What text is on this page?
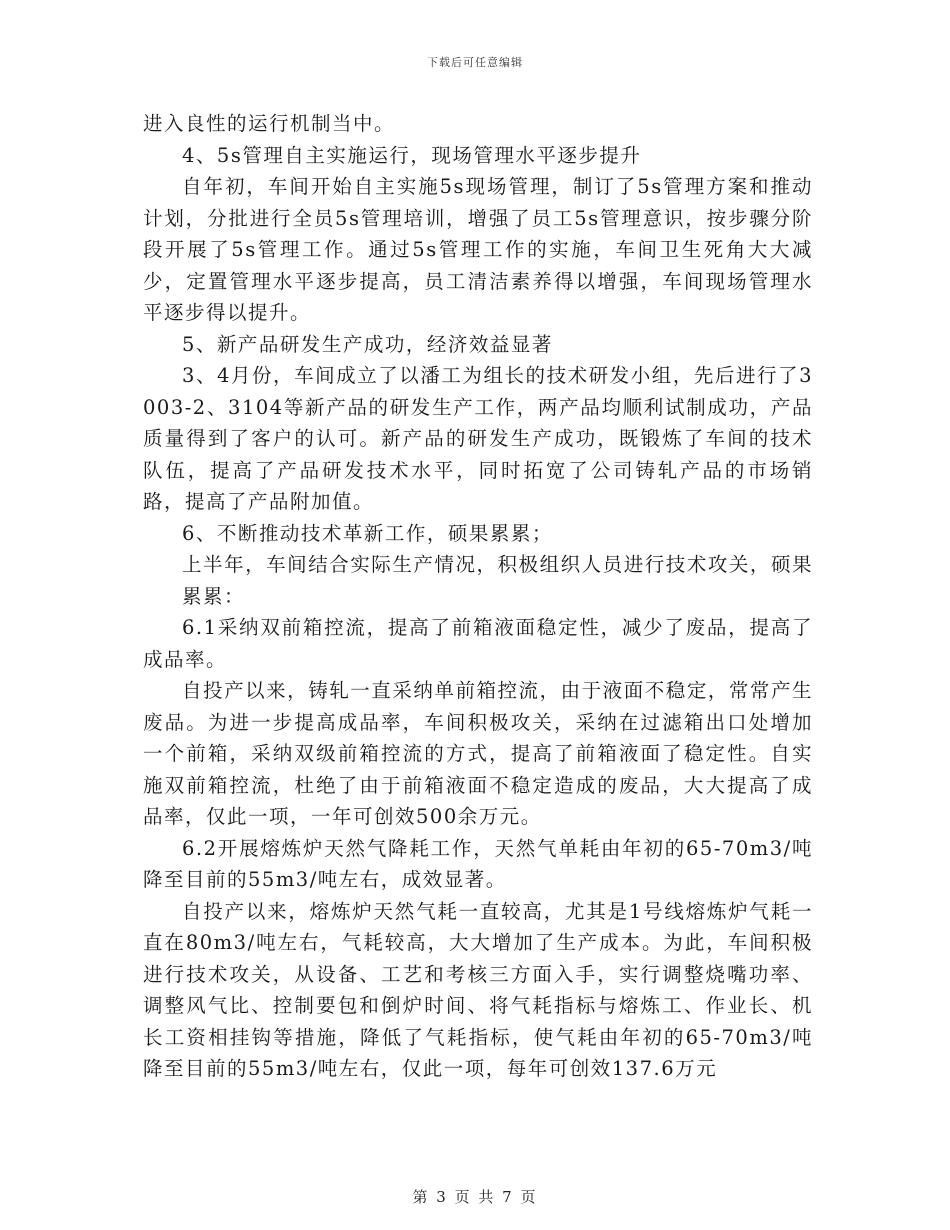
下载后可任意编辑

进入良性的运行机制当中。

4、5s管理自主实施运行，现场管理水平逐步提升

自年初，车间开始自主实施5s现场管理，制订了5s管理方案和推动计划，分批进行全员5s管理培训，增强了员工5s管理意识，按步骤分阶段开展了5s管理工作。通过5s管理工作的实施，车间卫生死角大大减少，定置管理水平逐步提高，员工清洁素养得以增强，车间现场管理水平逐步得以提升。

5、新产品研发生产成功，经济效益显著

3、4月份，车间成立了以潘工为组长的技术研发小组，先后进行了3003-2、3104等新产品的研发生产工作，两产品均顺利试制成功，产品质量得到了客户的认可。新产品的研发生产成功，既锻炼了车间的技术队伍，提高了产品研发技术水平，同时拓宽了公司铸轧产品的市场销路，提高了产品附加值。

6、不断推动技术革新工作，硕果累累；

上半年，车间结合实际生产情况，积极组织人员进行技术攻关，硕果累累：

6.1采纳双前箱控流，提高了前箱液面稳定性，减少了废品，提高了成品率。

自投产以来，铸轧一直采纳单前箱控流，由于液面不稳定，常常产生废品。为进一步提高成品率，车间积极攻关，采纳在过滤箱出口处增加一个前箱，采纳双级前箱控流的方式，提高了前箱液面了稳定性。自实施双前箱控流，杜绝了由于前箱液面不稳定造成的废品，大大提高了成品率，仅此一项，一年可创效500余万元。

6.2开展熔炼炉天然气降耗工作，天然气单耗由年初的65-70m3/吨降至目前的55m3/吨左右，成效显著。

自投产以来，熔炼炉天然气耗一直较高，尤其是1号线熔炼炉气耗一直在80m3/吨左右，气耗较高，大大增加了生产成本。为此，车间积极进行技术攻关，从设备、工艺和考核三方面入手，实行调整烧嘴功率、调整风气比、控制要包和倒炉时间、将气耗指标与熔炼工、作业长、机长工资相挂钩等措施，降低了气耗指标，使气耗由年初的65-70m3/吨降至目前的55m3/吨左右，仅此一项，每年可创效137.6万元

第 3 页 共 7 页
